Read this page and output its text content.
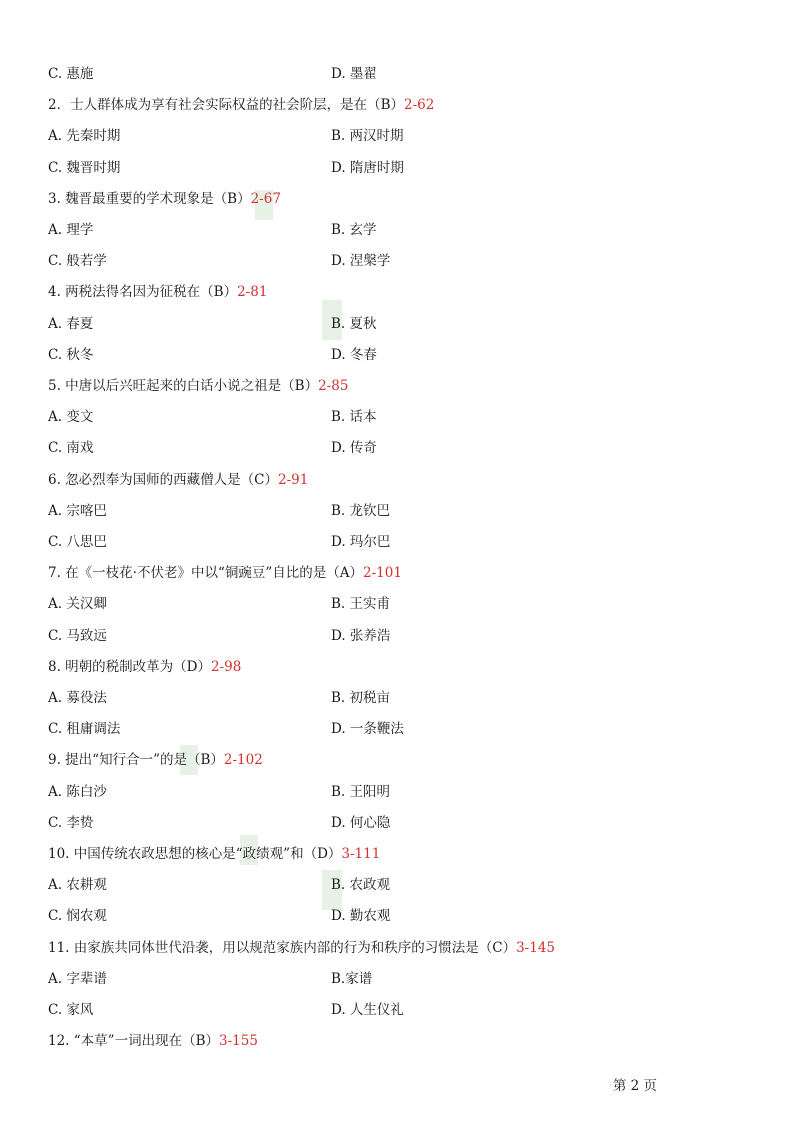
C. 惠施	D. 墨翟
2．士人群体成为享有社会实际权益的社会阶层，是在（B）2-62
A. 先秦时期	B. 两汉时期
C. 魏晋时期	D. 隋唐时期
3. 魏晋最重要的学术现象是（B）2-67
A. 理学	B. 玄学
C. 般若学	D. 涅槃学
4. 两税法得名因为征税在（B）2-81
A. 春夏	B. 夏秋
C. 秋冬	D. 冬春
5. 中唐以后兴旺起来的白话小说之祖是（B）2-85
A. 变文	B. 话本
C. 南戏	D. 传奇
6. 忽必烈奉为国师的西藏僧人是（C）2-91
A. 宗喀巴	B. 龙钦巴
C. 八思巴	D. 玛尔巴
7. 在《一枝花·不伏老》中以“铜豌豆”自比的是（A）2-101
A. 关汉卿	B. 王实甫
C. 马致远	D. 张养浩
8. 明朝的税制改革为（D）2-98
A. 募役法	B. 初税亩
C. 租庸调法	D. 一条鞭法
9. 提出“知行合一”的是（B）2-102
A. 陈白沙	B. 王阳明
C. 李贽	D. 何心隐
10. 中国传统农政思想的核心是“政绩观”和（D）3-111
A. 农耕观	B. 农政观
C. 悯农观	D. 勤农观
11. 由家族共同体世代沿袭，用以规范家族内部的行为和秩序的习惯法是（C）3-145
A. 字辈谱	B.家谱
C. 家风	D. 人生仪礼
12. “本草”一词出现在（B）3-155
第 2 页
